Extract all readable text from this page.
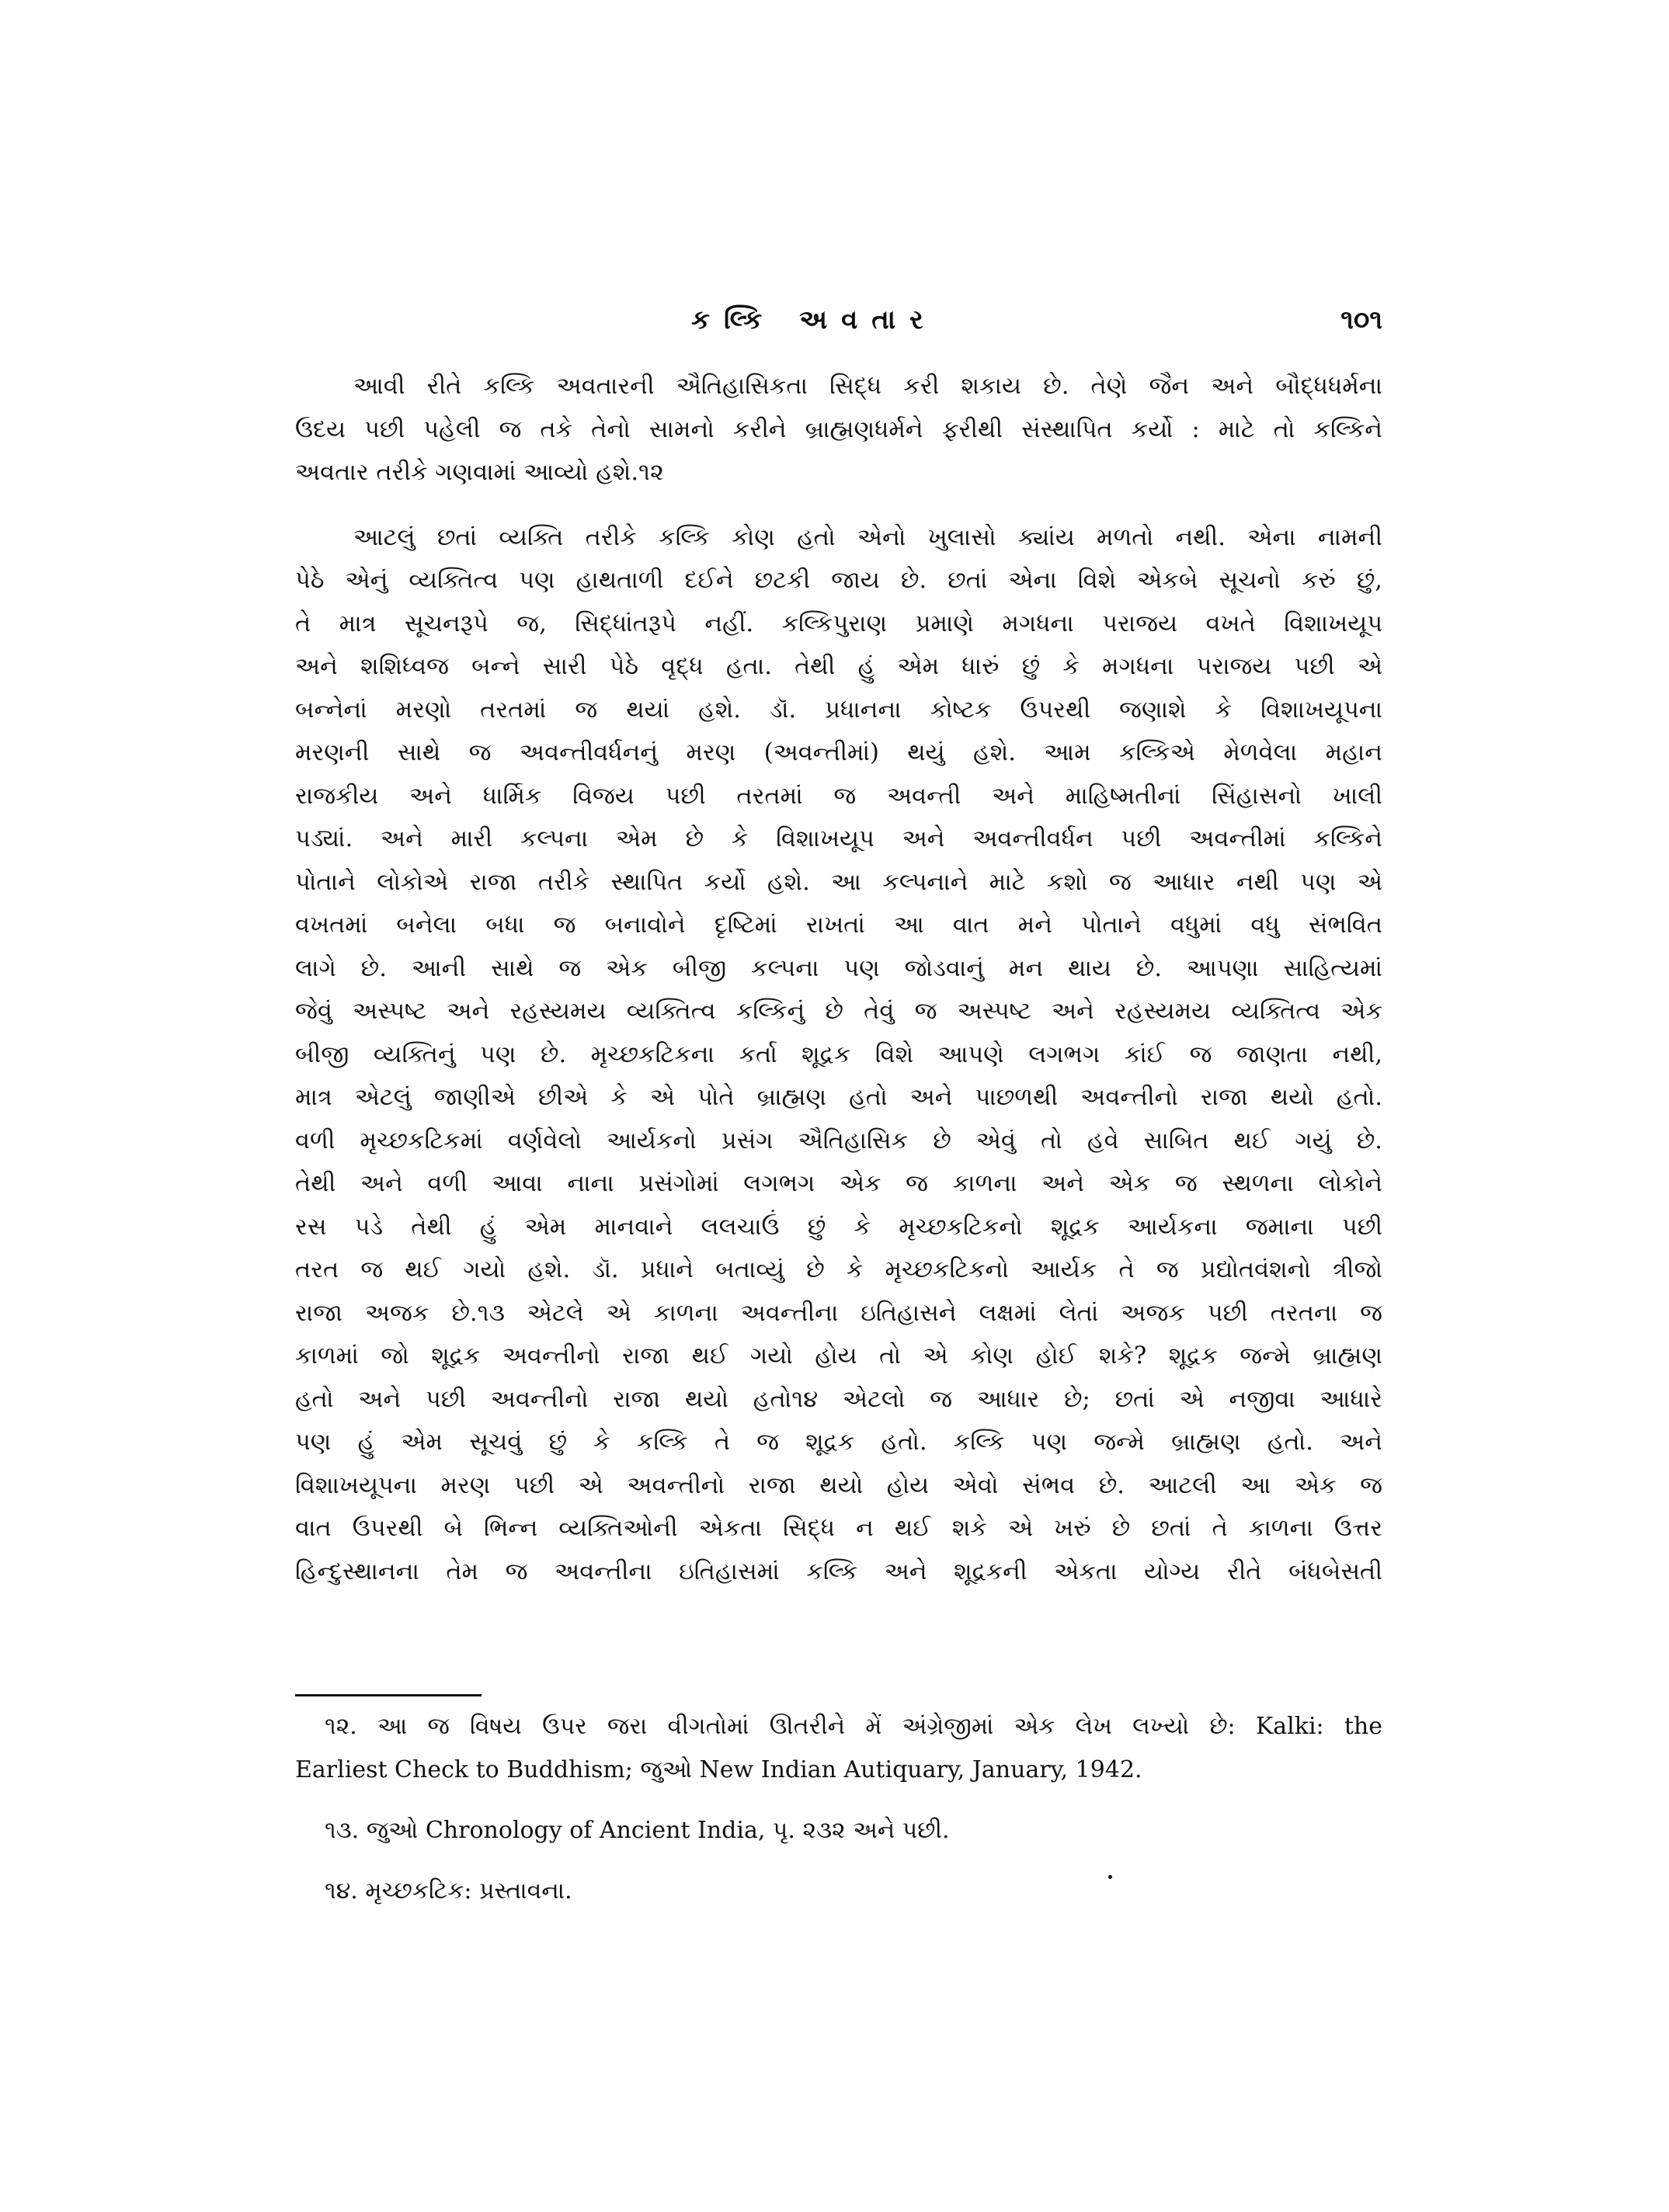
કલ્કિ અવતાર	૧૦૧
આવી રીતે કલ્કિ અવતારની ઐતિહાસિકતા સિદ્ધ કરી શકાય છે. તેણે જૈન અને બૌદ્ધધર્મના
ઉદય પછી પહેલી જ તકે તેનો સામનો કરીને બ્રાહ્મણધર્મને ફરીથી સંસ્થાપિત કર્યો : માટે તો કલ્કિને
અવતાર તરીકે ગણવામાં આવ્યો હશે.૧૨
આટલું છતાં વ્યક્તિ તરીકે કલ્કિ કોણ હતો એનો ખુલાસો ક્યાંય મળતો નથી. એના નામની
પેઠે એનું વ્યક્તિત્વ પણ હાથતાળી દઈને છટકી જાય છે. છતાં એના વિશે એકબે સૂચનો કરું છું,
તે માત્ર સૂચનરૂપે જ, સિદ્ધાંતરૂપે નહીં. કલ્કિપુરાણ પ્રમાણે મગધના પરાજય વખતે વિશાખયૂપ
અને શશિધ્વજ બન્ને સારી પેઠે વૃદ્ધ હતા. તેથી હું એમ ધારું છું કે મગધના પરાજય પછી એ
બન્નેનાં મરણો તરતમાં જ થયાં હશે. ડૉ. પ્રધાનના કોષ્ટક ઉપરથી જણાશે કે વિશાખયૂપના
મરણની સાથે જ અવન્તીવર્ધનનું મરણ (અવન્તીમાં) થયું હશે. આમ કલ્કિએ મેળવેલા મહાન
રાજકીય અને ધાર્મિક વિજય પછી તરતમાં જ અવન્તી અને માહિષ્મતીનાં સિંહાસનો ખાલી
પડ્યાં. અને મારી કલ્પના એમ છે કે વિશાખયૂપ અને અવન્તીવર્ધન પછી અવન્તીમાં કલ્કિને
પોતાને લોકોએ રાજા તરીકે સ્થાપિત કર્યો હશે. આ કલ્પનાને માટે કશો જ આધાર નથી પણ એ
વખતમાં બનેલા બધા જ બનાવોને દૃષ્ટિમાં રાખતાં આ વાત મને પોતાને વધુમાં વધુ સંભવિત
લાગે છે. આની સાથે જ એક બીજી કલ્પના પણ જોડવાનું મન થાય છે. આપણા સાહિત્યમાં
જેવું અસ્પષ્ટ અને રહસ્યમય વ્યક્તિત્વ કલ્કિનું છે તેવું જ અસ્પષ્ટ અને રહસ્યમય વ્યક્તિત્વ એક
બીજી વ્યક્તિનું પણ છે. મૃચ્છકટિકના કર્તા શૂદ્રક વિશે આપણે લગભગ કાંઈ જ જાણતા નથી,
માત્ર એટલું જાણીએ છીએ કે એ પોતે બ્રાહ્મણ હતો અને પાછળથી અવન્તીનો રાજા થયો હતો.
વળી મૃચ્છકટિકમાં વર્ણવેલો આર્યકનો પ્રસંગ ઐતિહાસિક છે એવું તો હવે સાબિત થઈ ગયું છે.
તેથી અને વળી આવા નાના પ્રસંગોમાં લગભગ એક જ કાળના અને એક જ સ્થળના લોકોને
રસ પડે તેથી હું એમ માનવાને લલચાઉં છું કે મૃચ્છકટિકનો શૂદ્રક આર્યકના જમાના પછી
તરત જ થઈ ગયો હશે. ડૉ. પ્રધાને બતાવ્યું છે કે મૃચ્છકટિકનો આર્યક તે જ પ્રદ્યોતવંશનો ત્રીજો
રાજા અજક છે.૧૩ એટલે એ કાળના અવન્તીના ઇતિહાસને લક્ષમાં લેતાં અજક પછી તરતના જ
કાળમાં જો શૂદ્રક અવન્તીનો રાજા થઈ ગયો હોય તો એ કોણ હોઈ શકે? શૂદ્રક જન્મે બ્રાહ્મણ
હતો અને પછી અવન્તીનો રાજા થયો હતો૧૪ એટલો જ આધાર છે; છતાં એ નજીવા આધારે
પણ હું એમ સૂચવું છું કે કલ્કિ તે જ શૂદ્રક હતો. કલ્કિ પણ જન્મે બ્રાહ્મણ હતો. અને
વિશાખયૂપના મરણ પછી એ અવન્તીનો રાજા થયો હોય એવો સંભવ છે. આટલી આ એક જ
વાત ઉપરથી બે ભિન્ન વ્યક્તિઓની એકતા સિદ્ધ ન થઈ શકે એ ખરું છે છતાં તે કાળના ઉત્તર
હિન્દુસ્થાનના તેમ જ અવન્તીના ઇતિહાસમાં કલ્કિ અને શૂદ્રકની એકતા યોગ્ય રીતે બંધબેસતી
૧૨. આ જ વિષય ઉપર જરા વીગતોમાં ઊતરીને મેં અંગ્રેજીમાં એક લેખ લખ્યો છે: Kalki: the
Earliest Check to Buddhism; જુઓ New Indian Autiquary, January, 1942.
૧૩. જુઓ Chronology of Ancient India, પૃ. ૨૩૨ અને પછી.
૧૪. મૃચ્છકટિક: પ્રસ્તાવના.
